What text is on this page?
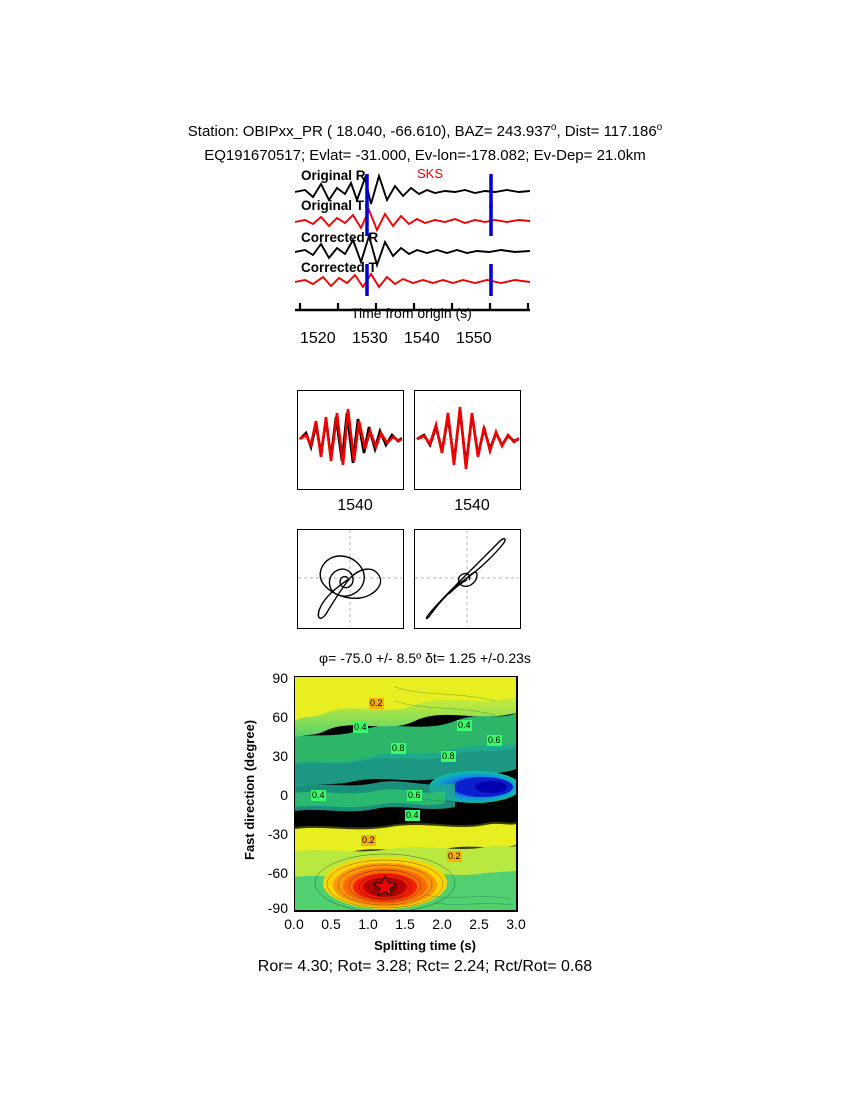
Station: OBIPxx_PR ( 18.040, -66.610), $BAZ= 243.937^o$, Dist= $117.186^o$
EQ191670517; Evlat= -31.000, Ev-lon=-178.082; Ev-Dep= 21.0km
Original R
Original T
Corrected R
Corrected T
SKS
Time from origin (s)
1520 1530 1540 1550
1540	1540
φ= -75.0 +/- 8.5º δt= 1.25 +/-0.23s
0.2
0.4	0.4
0.6
0.8
0.8
0.4	0.6
0.4
0.2
0.2
Fast direction (degree)
Splitting time (s)
90
60
30
0
-30
-60
-90
0.0	0.5	1.0	1.5	2.0	2.5	3.0
Ror= 4.30; Rot= 3.28; Rct= 2.24; Rct/Rot= 0.68
